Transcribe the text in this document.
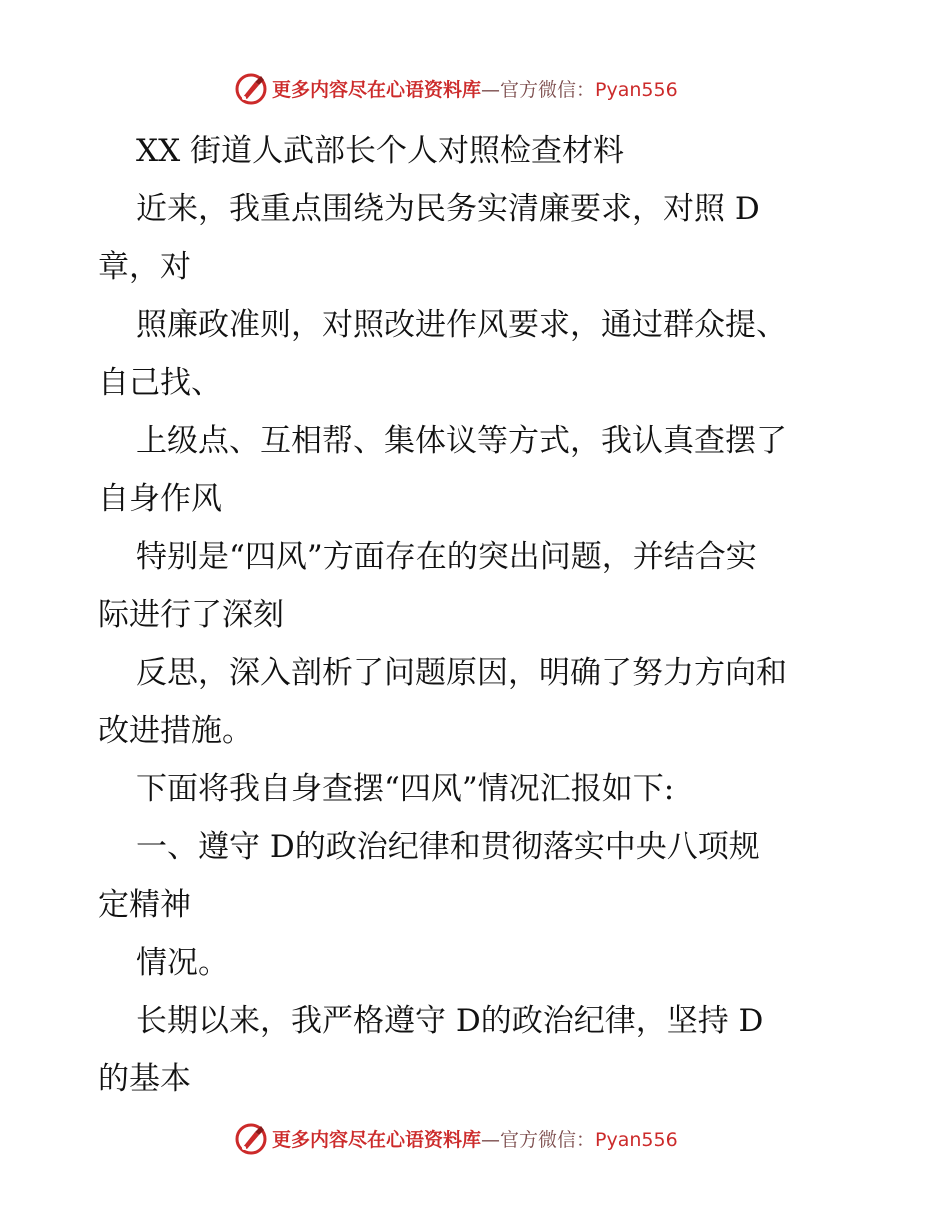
更多内容尽在心语资料库—官方微信：Pyan556
XX 街道人武部长个人对照检查材料
近来，我重点围绕为民务实清廉要求，对照 D
章，对
照廉政准则，对照改进作风要求，通过群众提、
自己找、
上级点、互相帮、集体议等方式，我认真查摆了
自身作风
特别是“四风”方面存在的突出问题，并结合实
际进行了深刻
反思，深入剖析了问题原因，明确了努力方向和
改进措施。
下面将我自身查摆“四风”情况汇报如下:
一、遵守 D的政治纪律和贯彻落实中央八项规
定精神
情况。
长期以来，我严格遵守 D的政治纪律，坚持 D
的基本
更多内容尽在心语资料库—官方微信：Pyan556
